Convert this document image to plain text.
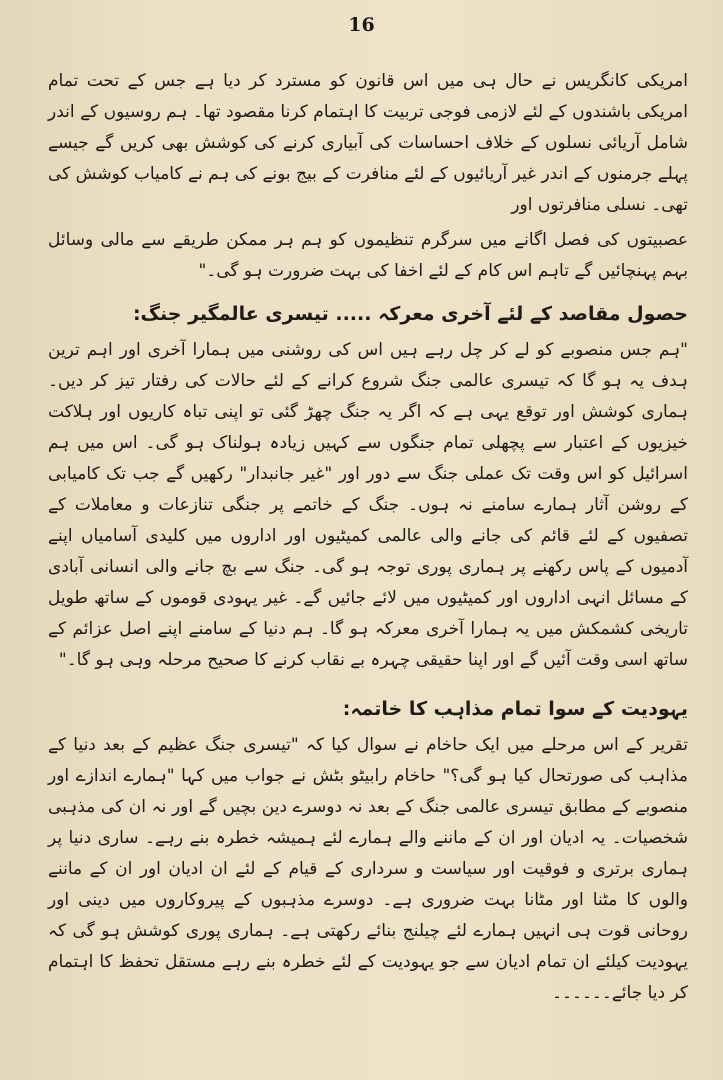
16

امریکی کانگریس نے حال ہی میں اس قانون کو مسترد کر دیا ہے جس کے تحت تمام امریکی باشندوں کے لئے لازمی فوجی تربیت کا اہتمام کرنا مقصود تھا۔ ہم روسیوں کے اندر شامل آریائی نسلوں کے خلاف احساسات کی آبیاری کرنے کی کوشش بھی کریں گے جیسے پہلے جرمنوں کے اندر غیر آریائیوں کے لئے منافرت کے بیج بونے کی ہم نے کامیاب کوشش کی تھی۔ نسلی منافرتوں اور

عصبیتوں کی فصل اگانے میں سرگرم تنظیموں کو ہم ہر ممکن طریقے سے مالی وسائل بہم پہنچائیں گے تاہم اس کام کے لئے اخفا کی بہت ضرورت ہو گی۔"

حصول مقاصد کے لئے آخری معرکہ ..... تیسری عالمگیر جنگ:

"ہم جس منصوبے کو لے کر چل رہے ہیں اس کی روشنی میں ہمارا آخری اور اہم ترین ہدف یہ ہو گا کہ تیسری عالمی جنگ شروع کرانے کے لئے حالات کی رفتار تیز کر دیں۔ ہماری کوشش اور توقع یہی ہے کہ اگر یہ جنگ چھڑ گئی تو اپنی تباہ کاریوں اور ہلاکت خیزیوں کے اعتبار سے پچھلی تمام جنگوں سے کہیں زیادہ ہولناک ہو گی۔ اس میں ہم اسرائیل کو اس وقت تک عملی جنگ سے دور اور "غیر جانبدار" رکھیں گے جب تک کامیابی کے روشن آثار ہمارے سامنے نہ ہوں۔ جنگ کے خاتمے پر جنگی تنازعات و معاملات کے تصفیوں کے لئے قائم کی جانے والی عالمی کمیٹیوں اور اداروں میں کلیدی آسامیاں اپنے آدمیوں کے پاس رکھنے پر ہماری پوری توجہ ہو گی۔ جنگ سے بچ جانے والی انسانی آبادی کے مسائل انہی اداروں اور کمیٹیوں میں لائے جائیں گے۔ غیر یہودی قوموں کے ساتھ طویل تاریخی کشمکش میں یہ ہمارا آخری معرکہ ہو گا۔ ہم دنیا کے سامنے اپنے اصل عزائم کے ساتھ اسی وقت آئیں گے اور اپنا حقیقی چہرہ بے نقاب کرنے کا صحیح مرحلہ وہی ہو گا۔"

یہودیت کے سوا تمام مذاہب کا خاتمہ:

تقریر کے اس مرحلے میں ایک حاخام نے سوال کیا کہ "تیسری جنگ عظیم کے بعد دنیا کے مذاہب کی صورتحال کیا ہو گی؟" حاخام رابیٹو بٹش نے جواب میں کہا "ہمارے اندازے اور منصوبے کے مطابق تیسری عالمی جنگ کے بعد نہ دوسرے دین بچیں گے اور نہ ان کی مذہبی شخصیات۔ یہ ادیان اور ان کے ماننے والے ہمارے لئے ہمیشہ خطرہ بنے رہے۔ ساری دنیا پر ہماری برتری و فوقیت اور سیاست و سرداری کے قیام کے لئے ان ادیان اور ان کے ماننے والوں کا مٹنا اور مٹانا بہت ضروری ہے۔ دوسرے مذہبوں کے پیروکاروں میں دینی اور روحانی قوت ہی انہیں ہمارے لئے چیلنج بنائے رکھتی ہے۔ ہماری پوری کوشش ہو گی کہ یہودیت کیلئے ان تمام ادیان سے جو یہودیت کے لئے خطرہ بنے رہے مستقل تحفظ کا اہتمام کر دیا جائے۔۔۔۔۔۔
